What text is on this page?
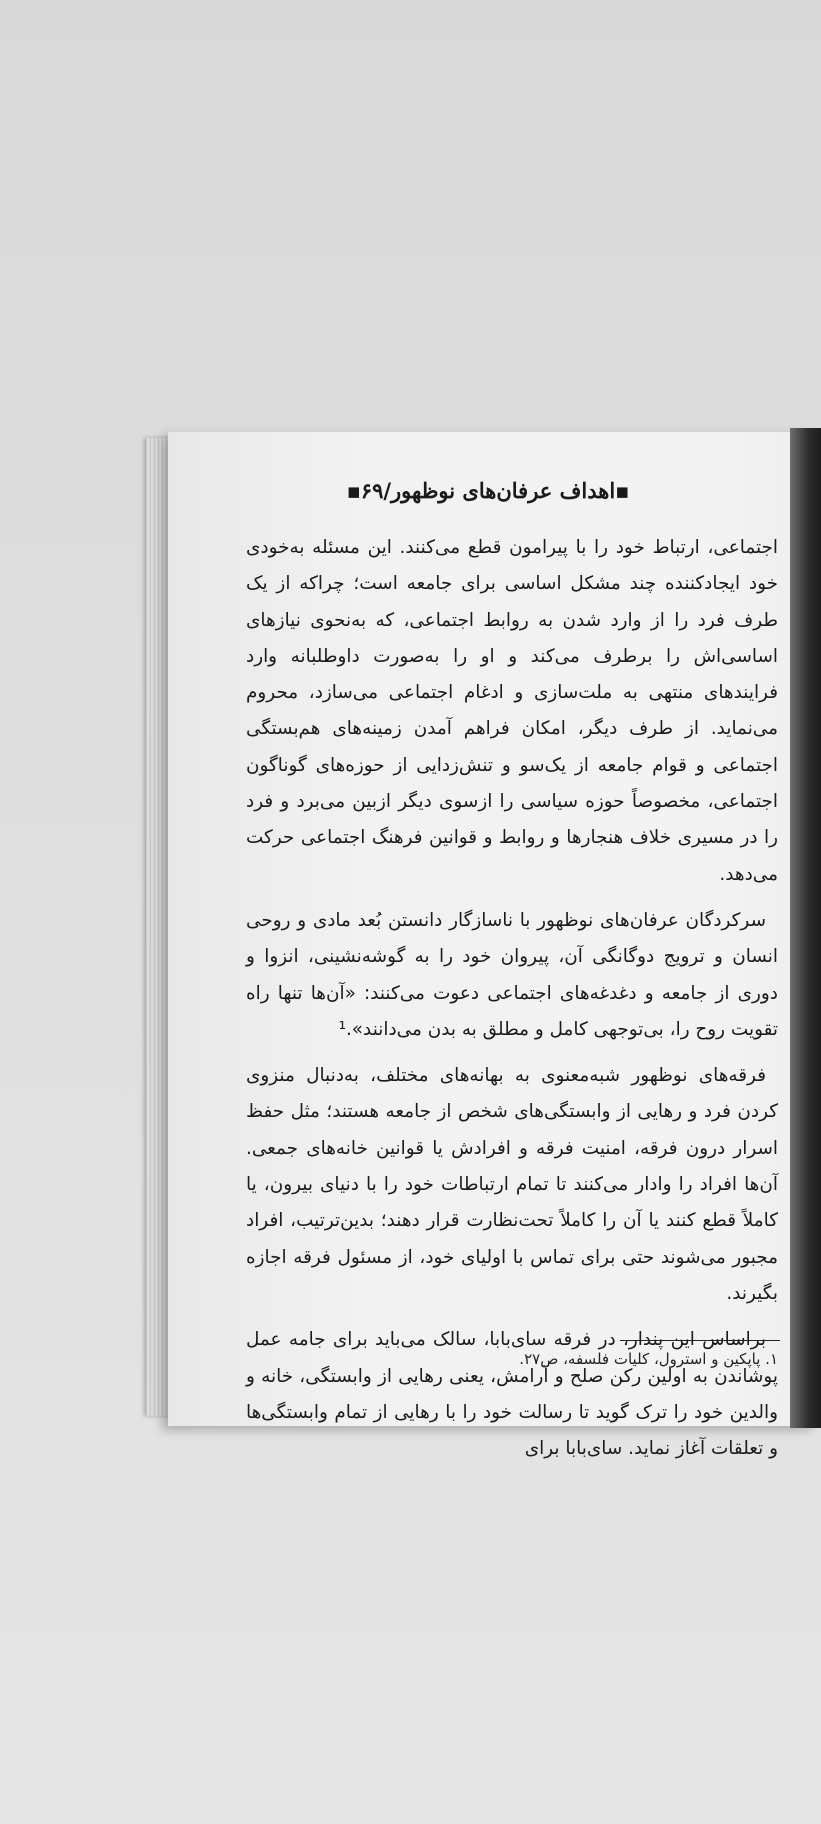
▪اهداف عرفان‌های نوظهور/۶۹▪

اجتماعی، ارتباط خود را با پیرامون قطع می‌کنند. این مسئله به‌خودی خود ایجادکننده چند مشکل اساسی برای جامعه است؛ چراکه از یک طرف فرد را از وارد شدن به روابط اجتماعی، که به‌نحوی نیازهای اساسی‌اش را برطرف می‌کند و او را به‌صورت داوطلبانه وارد فرایندهای منتهی به ملت‌سازی و ادغام اجتماعی می‌سازد، محروم می‌نماید. از طرف دیگر، امکان فراهم آمدن زمینه‌های هم‌بستگی اجتماعی و قوام جامعه از یک‌سو و تنش‌زدایی از حوزه‌های گوناگون اجتماعی، مخصوصاً حوزه سیاسی را ازسوی دیگر ازبین می‌برد و فرد را در مسیری خلاف هنجارها و روابط و قوانین فرهنگ اجتماعی حرکت می‌دهد.

سرکردگان عرفان‌های نوظهور با ناسازگار دانستن بُعد مادی و روحی انسان و ترویج دوگانگی آن، پیروان خود را به گوشه‌نشینی، انزوا و دوری از جامعه و دغدغه‌های اجتماعی دعوت می‌کنند: «آن‌ها تنها راه تقویت روح را، بی‌توجهی کامل و مطلق به بدن می‌دانند».¹

فرقه‌های نوظهور شبه‌معنوی به بهانه‌های مختلف، به‌دنبال منزوی کردن فرد و رهایی از وابستگی‌های شخص از جامعه هستند؛ مثل حفظ اسرار درون فرقه، امنیت فرقه و افرادش یا قوانین خانه‌های جمعی. آن‌ها افراد را وادار می‌کنند تا تمام ارتباطات خود را با دنیای بیرون، یا کاملاً قطع کنند یا آن را کاملاً تحت‌نظارت قرار دهند؛ بدین‌ترتیب، افراد مجبور می‌شوند حتی برای تماس با اولیای خود، از مسئول فرقه اجازه بگیرند.

براساس این پندار، در فرقه سای‌بابا، سالک می‌باید برای جامه عمل پوشاندن به اولین رکن صلح و آرامش، یعنی رهایی از وابستگی، خانه و والدین خود را ترک گوید تا رسالت خود را با رهایی از تمام وابستگی‌ها و تعلقات آغاز نماید. سای‌بابا برای

۱. پاپکین و استرول، کلیات فلسفه، ص۲۷.
